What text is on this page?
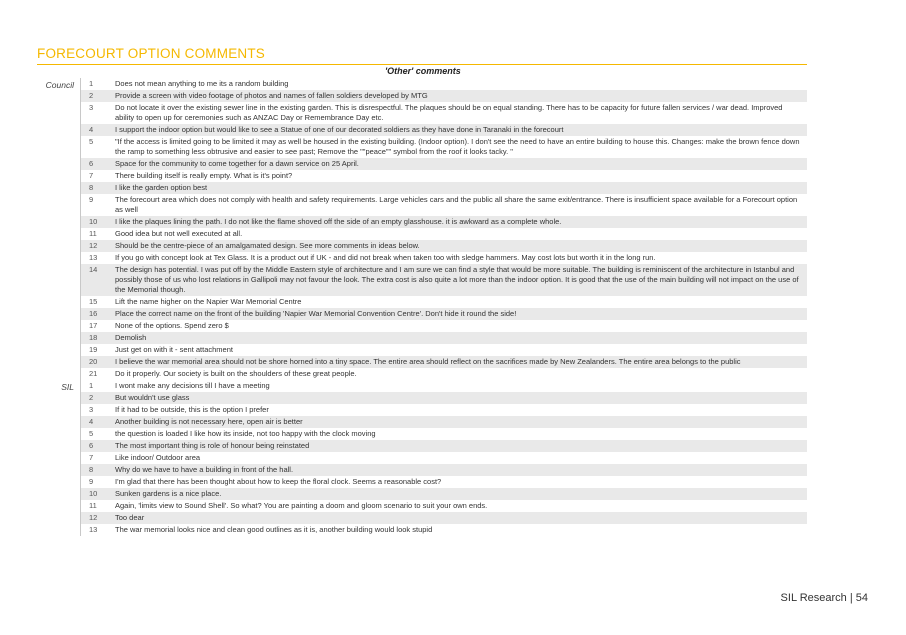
FORECOURT OPTION COMMENTS
'Other' comments
Council	1	Does not mean anything to me its a random building
2	Provide a screen with video footage of photos and names of fallen soldiers developed by MTG
3	Do not locate it over the existing sewer line in the existing garden. This is disrespectful. The plaques should be on equal standing. There has to be capacity for future fallen services / war dead. Improved ability to open up for ceremonies such as ANZAC Day or Remembrance Day etc.
4	I support the indoor option but would like to see a Statue of one of our decorated soldiers as they have done in Taranaki in the forecourt
5	"If the access is limited going to be limited it may as well be housed in the existing building. (Indoor option). I don't see the need to have an entire building to house this. Changes: make the brown fence down the ramp to something less obtrusive and easier to see past; Remove the ""peace"" symbol from the roof it looks tacky. "
6	Space for the community to come together for a dawn service on 25 April.
7	There building itself is really empty. What is it's point?
8	I like the garden option best
9	The forecourt area which does not comply with health and safety requirements. Large vehicles cars and the public all share the same exit/entrance. There is insufficient space available for a Forecourt option as well
10	I like the plaques lining the path. I do not like the flame shoved off the side of an empty glasshouse. it is awkward as a complete whole.
11	Good idea but not well executed at all.
12	Should be the centre-piece of an amalgamated design. See more comments in ideas below.
13	If you go with concept look at Tex Glass. It is a product out if UK - and did not break when taken too with sledge hammers. May cost lots but worth it in the long run.
14	The design has potential. I was put off by the Middle Eastern style of architecture and I am sure we can find a style that would be more suitable. The building is reminiscent of the architecture in Istanbul and possibly those of us who lost relations in Gallipoli may not favour the look. The extra cost is also quite a lot more than the indoor option. It is good that the use of the main building will not impact on the use of the Memorial though.
15	Lift the name higher on the Napier War Memorial Centre
16	Place the correct name on the front of the building 'Napier War Memorial Convention Centre'. Don't hide it round the side!
17	None of the options. Spend zero $
18	Demolish
19	Just get on with it - sent attachment
20	I believe the war memorial area should not be shore horned into a tiny space. The entire area should reflect on the sacrifices made by New Zealanders. The entire area belongs to the public
21	Do it properly. Our society is built on the shoulders of these great people.
SIL	1	I wont make any decisions till I have a meeting
2	But wouldn't use glass
3	If it had to be outside, this is the option I prefer
4	Another building is not necessary here, open air is better
5	the question is loaded I like how its inside, not too happy with the clock moving
6	The most important thing is role of honour being reinstated
7	Like indoor/ Outdoor area
8	Why do we have to have a building in front of the hall.
9	I'm glad that there has been thought about how to keep the floral clock. Seems a reasonable cost?
10	Sunken gardens is a nice place.
11	Again, 'limits view to Sound Shell'. So what? You are painting a doom and gloom scenario to suit your own ends.
12	Too dear
13	The war memorial looks nice and clean good outlines as it is, another building would look stupid
SIL Research | 54
